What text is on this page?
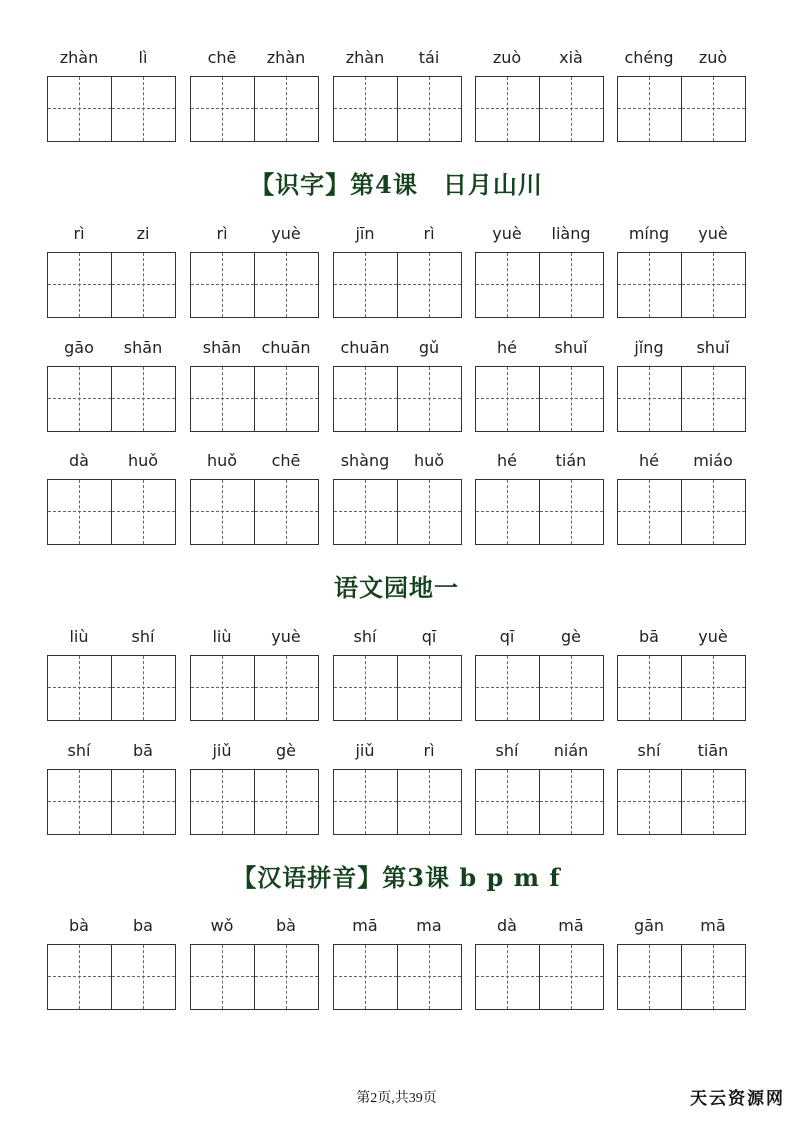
zhàn	lì	chē	zhàn	zhàn	tái	zuò	xià	chéng	zuò
【识字】第4课　日月山川
rì	zi	rì	yuè	jīn	rì	yuè	liàng	míng	yuè
gāo	shān	shān	chuān	chuān	gǔ	hé	shuǐ	jǐng	shuǐ
dà	huǒ	huǒ	chē	shàng	huǒ	hé	tián	hé	miáo
语文园地一
liù	shí	liù	yuè	shí	qī	qī	gè	bā	yuè
shí	bā	jiǔ	gè	jiǔ	rì	shí	nián	shí	tiān
【汉语拼音】第3课 b p m f
bà	ba	wǒ	bà	mā	ma	dà	mā	gān	mā
第2页,共39页	天云资源网
